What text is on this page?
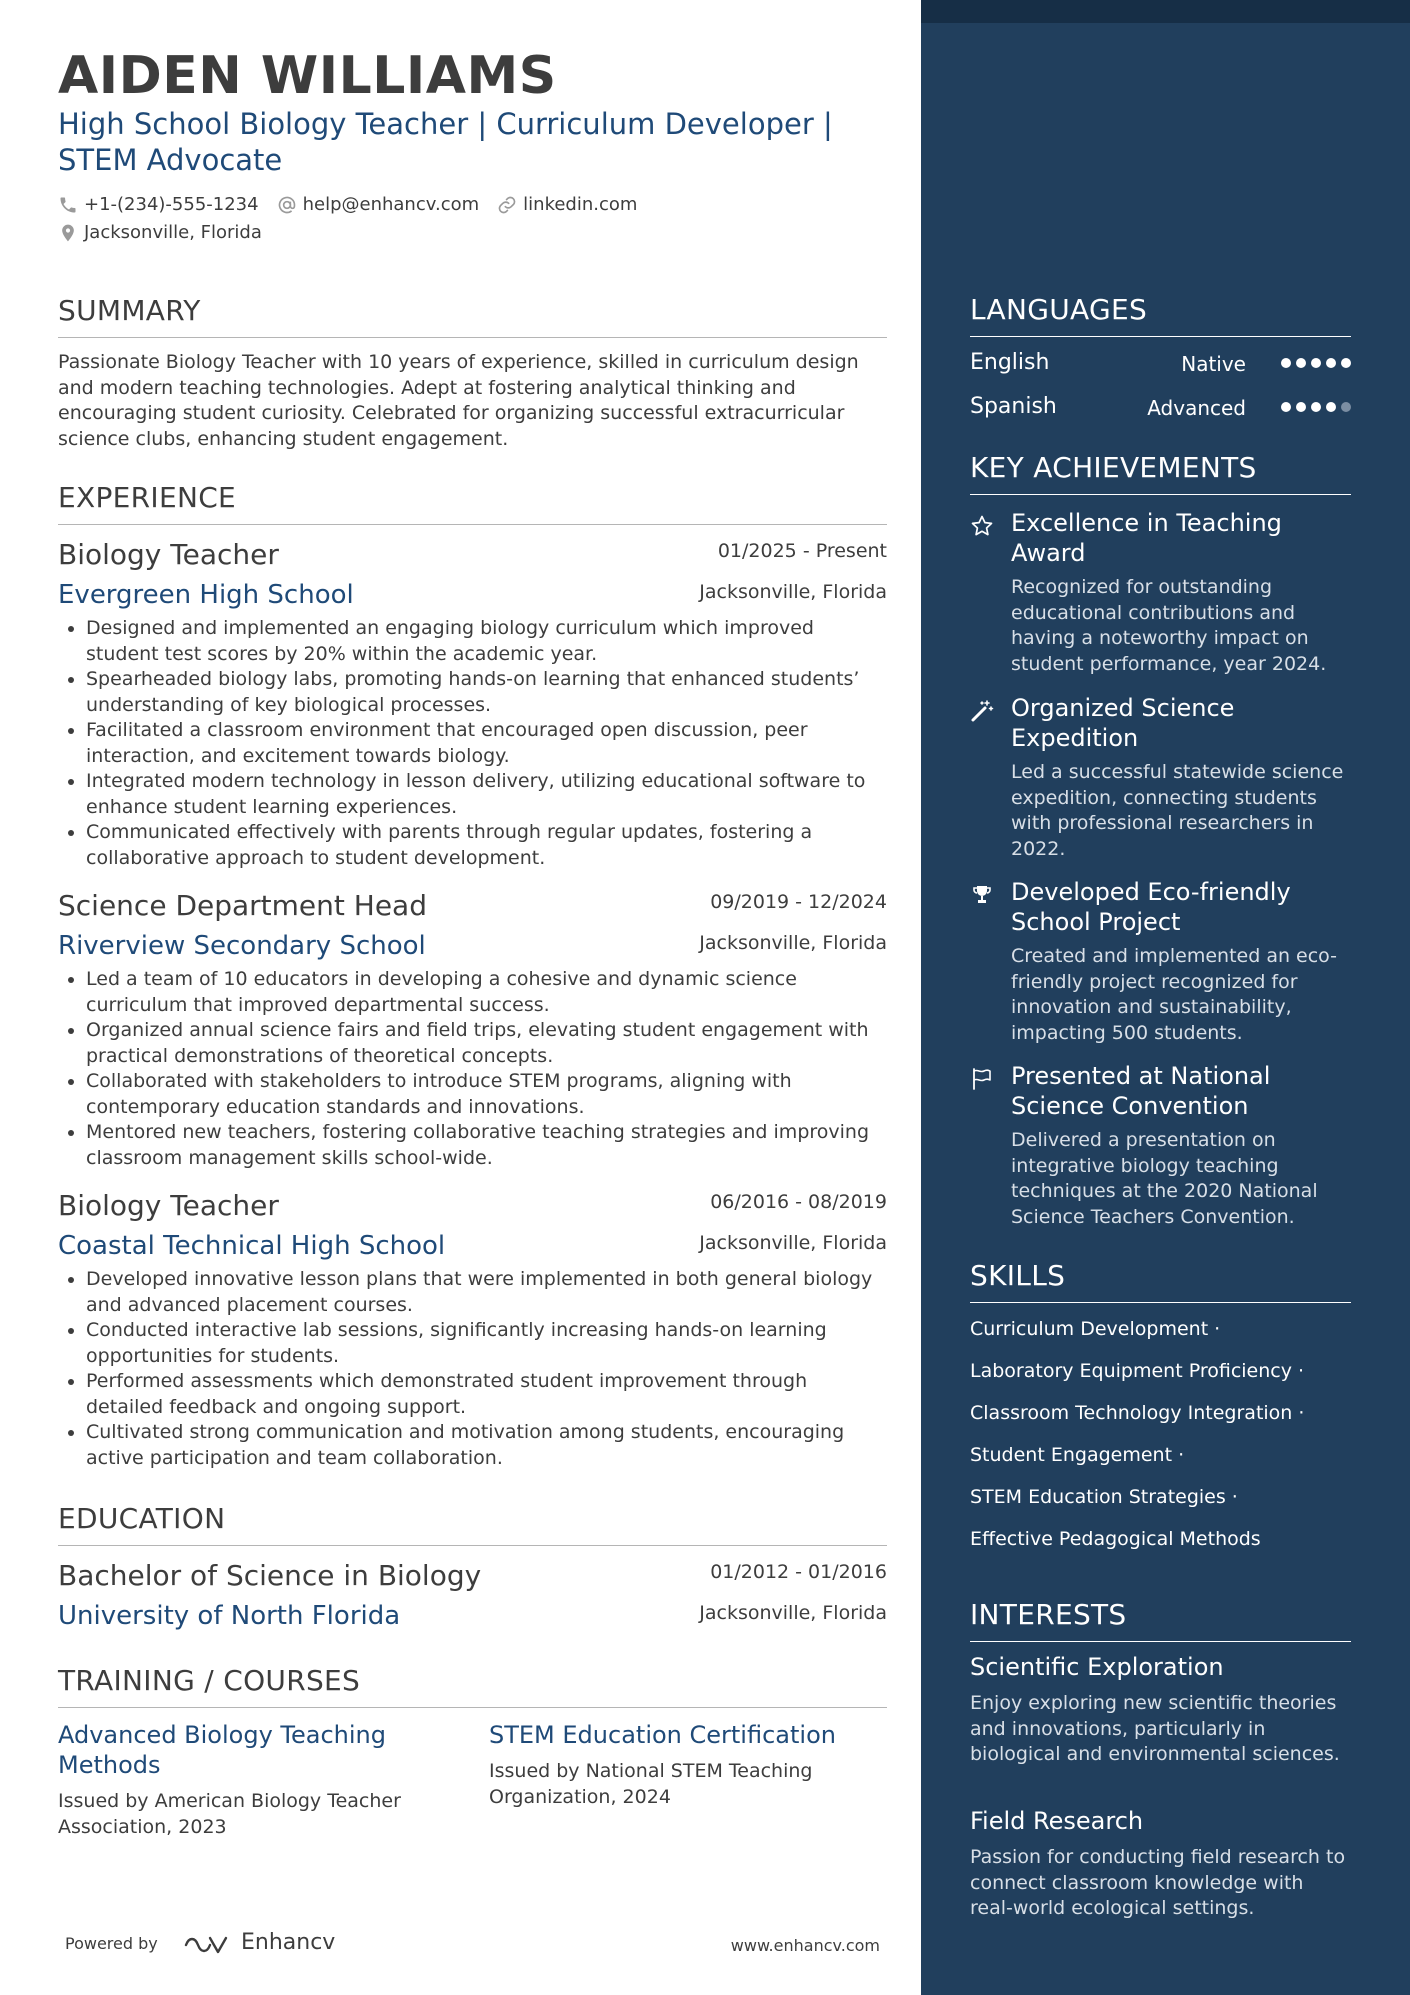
AIDEN WILLIAMS
High School Biology Teacher | Curriculum Developer | STEM Advocate
+1-(234)-555-1234 help@enhancv.com linkedin.com
Jacksonville, Florida
SUMMARY
Passionate Biology Teacher with 10 years of experience, skilled in curriculum design and modern teaching technologies. Adept at fostering analytical thinking and encouraging student curiosity. Celebrated for organizing successful extracurricular science clubs, enhancing student engagement.
EXPERIENCE
Biology Teacher	01/2025 - Present
Evergreen High School	Jacksonville, Florida
• Designed and implemented an engaging biology curriculum which improved student test scores by 20% within the academic year.
• Spearheaded biology labs, promoting hands-on learning that enhanced students’ understanding of key biological processes.
• Facilitated a classroom environment that encouraged open discussion, peer interaction, and excitement towards biology.
• Integrated modern technology in lesson delivery, utilizing educational software to enhance student learning experiences.
• Communicated effectively with parents through regular updates, fostering a collaborative approach to student development.
Science Department Head	09/2019 - 12/2024
Riverview Secondary School	Jacksonville, Florida
• Led a team of 10 educators in developing a cohesive and dynamic science curriculum that improved departmental success.
• Organized annual science fairs and field trips, elevating student engagement with practical demonstrations of theoretical concepts.
• Collaborated with stakeholders to introduce STEM programs, aligning with contemporary education standards and innovations.
• Mentored new teachers, fostering collaborative teaching strategies and improving classroom management skills school-wide.
Biology Teacher	06/2016 - 08/2019
Coastal Technical High School	Jacksonville, Florida
• Developed innovative lesson plans that were implemented in both general biology and advanced placement courses.
• Conducted interactive lab sessions, significantly increasing hands-on learning opportunities for students.
• Performed assessments which demonstrated student improvement through detailed feedback and ongoing support.
• Cultivated strong communication and motivation among students, encouraging active participation and team collaboration.
EDUCATION
Bachelor of Science in Biology	01/2012 - 01/2016
University of North Florida	Jacksonville, Florida
TRAINING / COURSES
Advanced Biology Teaching Methods
Issued by American Biology Teacher Association, 2023
STEM Education Certification
Issued by National STEM Teaching Organization, 2024
Powered by	Enhancv	www.enhancv.com
LANGUAGES
English	Native
Spanish	Advanced
KEY ACHIEVEMENTS
Excellence in Teaching Award
Recognized for outstanding educational contributions and having a noteworthy impact on student performance, year 2024.
Organized Science Expedition
Led a successful statewide science expedition, connecting students with professional researchers in 2022.
Developed Eco-friendly School Project
Created and implemented an eco-friendly project recognized for innovation and sustainability, impacting 500 students.
Presented at National Science Convention
Delivered a presentation on integrative biology teaching techniques at the 2020 National Science Teachers Convention.
SKILLS
Curriculum Development ·
Laboratory Equipment Proficiency ·
Classroom Technology Integration ·
Student Engagement ·
STEM Education Strategies ·
Effective Pedagogical Methods
INTERESTS
Scientific Exploration
Enjoy exploring new scientific theories and innovations, particularly in biological and environmental sciences.
Field Research
Passion for conducting field research to connect classroom knowledge with real-world ecological settings.
